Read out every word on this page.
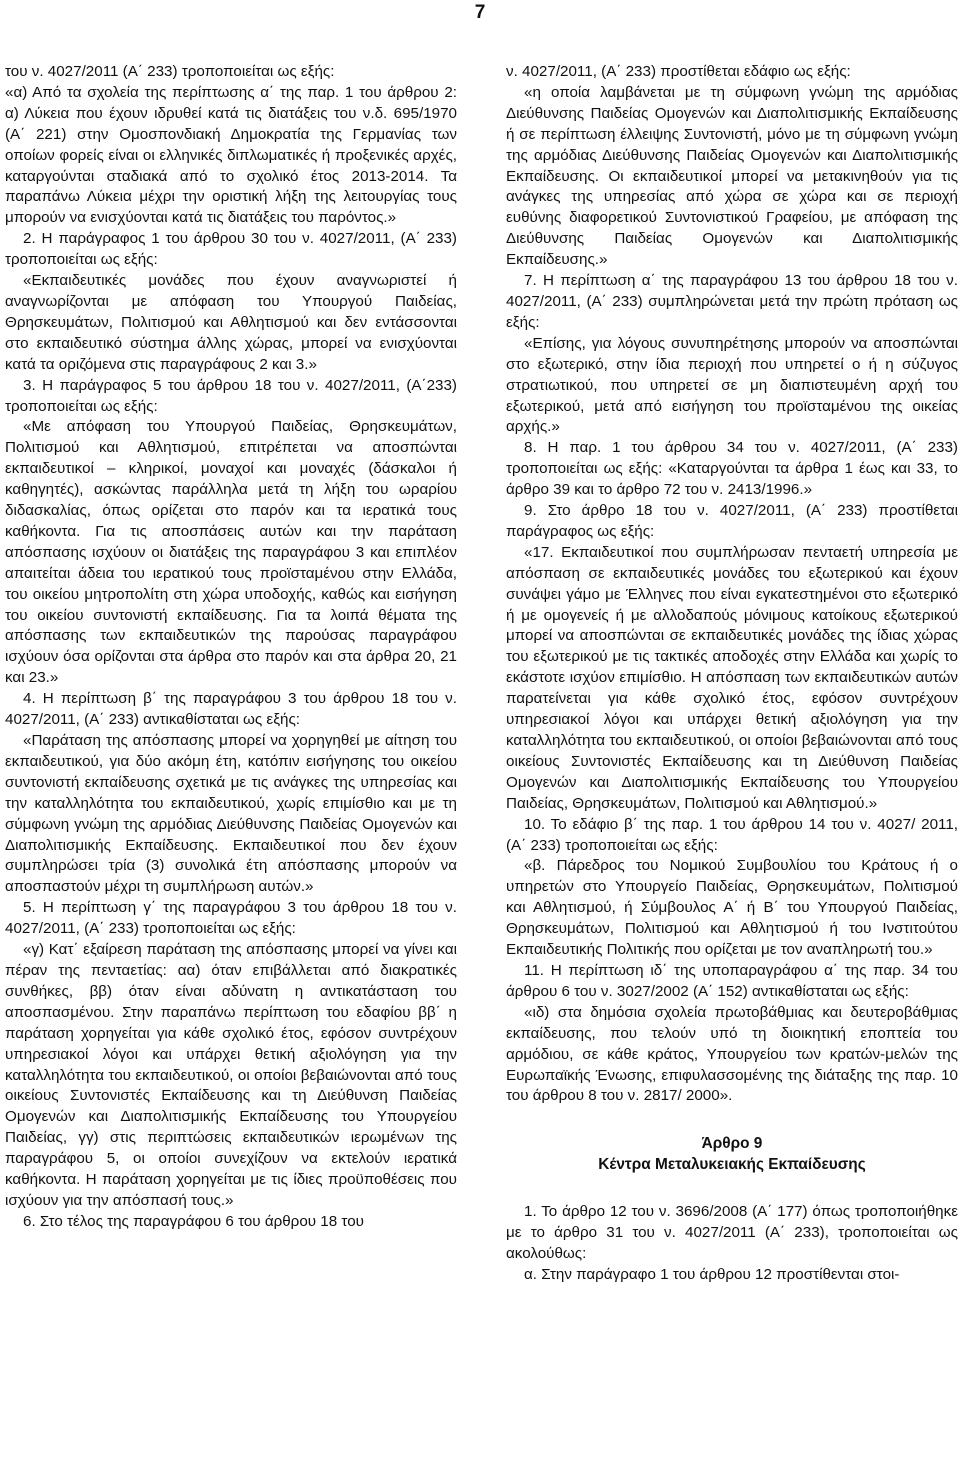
7

του ν. 4027/2011 (Α΄ 233) τροποποιείται ως εξής:

«α) Από τα σχολεία της περίπτωσης α΄ της παρ. 1 του άρθρου 2: α) Λύκεια που έχουν ιδρυθεί κατά τις διατάξεις του ν.δ. 695/1970 (Α΄ 221) στην Ομοσπονδιακή Δημοκρατία της Γερμανίας των οποίων φορείς είναι οι ελληνικές διπλωματικές ή προξενικές αρχές, καταργούνται σταδιακά από το σχολικό έτος 2013-2014. Τα παραπάνω Λύκεια μέχρι την οριστική λήξη της λειτουργίας τους μπορούν να ενισχύονται κατά τις διατάξεις του παρόντος.»

2. Η παράγραφος 1 του άρθρου 30 του ν. 4027/2011, (Α΄ 233) τροποποιείται ως εξής:

«Εκπαιδευτικές μονάδες που έχουν αναγνωριστεί ή αναγνωρίζονται με απόφαση του Υπουργού Παιδείας, Θρησκευμάτων, Πολιτισμού και Αθλητισμού και δεν εντάσσονται στο εκπαιδευτικό σύστημα άλλης χώρας, μπορεί να ενισχύονται κατά τα οριζόμενα στις παραγράφους 2 και 3.»

3. Η παράγραφος 5 του άρθρου 18 του ν. 4027/2011, (Α΄233) τροποποιείται ως εξής:

«Με απόφαση του Υπουργού Παιδείας, Θρησκευμάτων, Πολιτισμού και Αθλητισμού, επιτρέπεται να αποσπώνται εκπαιδευτικοί – κληρικοί, μοναχοί και μοναχές (δάσκαλοι ή καθηγητές), ασκώντας παράλληλα μετά τη λήξη του ωραρίου διδασκαλίας, όπως ορίζεται στο παρόν και τα ιερατικά τους καθήκοντα. Για τις αποσπάσεις αυτών και την παράταση απόσπασης ισχύουν οι διατάξεις της παραγράφου 3 και επιπλέον απαιτείται άδεια του ιερατικού τους προϊσταμένου στην Ελλάδα, του οικείου μητροπολίτη στη χώρα υποδοχής, καθώς και εισήγηση του οικείου συντονιστή εκπαίδευσης. Για τα λοιπά θέματα της απόσπασης των εκπαιδευτικών της παρούσας παραγράφου ισχύουν όσα ορίζονται στα άρθρα στο παρόν και στα άρθρα 20, 21 και 23.»

4. Η περίπτωση β΄ της παραγράφου 3 του άρθρου 18 του ν. 4027/2011, (Α΄ 233) αντικαθίσταται ως εξής:

«Παράταση της απόσπασης μπορεί να χορηγηθεί με αίτηση του εκπαιδευτικού, για δύο ακόμη έτη, κατόπιν εισήγησης του οικείου συντονιστή εκπαίδευσης σχετικά με τις ανάγκες της υπηρεσίας και την καταλληλότητα του εκπαιδευτικού, χωρίς επιμίσθιο και με τη σύμφωνη γνώμη της αρμόδιας Διεύθυνσης Παιδείας Ομογενών και Διαπολιτισμικής Εκπαίδευσης. Εκπαιδευτικοί που δεν έχουν συμπληρώσει τρία (3) συνολικά έτη απόσπασης μπορούν να αποσπαστούν μέχρι τη συμπλήρωση αυτών.»

5. Η περίπτωση γ΄ της παραγράφου 3 του άρθρου 18 του ν. 4027/2011, (Α΄ 233) τροποποιείται ως εξής:

«γ) Κατ΄ εξαίρεση παράταση της απόσπασης μπορεί να γίνει και πέραν της πενταετίας: αα) όταν επιβάλλεται από διακρατικές συνθήκες, ββ) όταν είναι αδύνατη η αντικατάσταση του αποσπασμένου. Στην παραπάνω περίπτωση του εδαφίου ββ΄ η παράταση χορηγείται για κάθε σχολικό έτος, εφόσον συντρέχουν υπηρεσιακοί λόγοι και υπάρχει θετική αξιολόγηση για την καταλληλότητα του εκπαιδευτικού, οι οποίοι βεβαιώνονται από τους οικείους Συντονιστές Εκπαίδευσης και τη Διεύθυνση Παιδείας Ομογενών και Διαπολιτισμικής Εκπαίδευσης του Υπουργείου Παιδείας, γγ) στις περιπτώσεις εκπαιδευτικών ιερωμένων της παραγράφου 5, οι οποίοι συνεχίζουν να εκτελούν ιερατικά καθήκοντα. Η παράταση χορηγείται με τις ίδιες προϋποθέσεις που ισχύουν για την απόσπασή τους.»

6. Στο τέλος της παραγράφου 6 του άρθρου 18 του

ν. 4027/2011, (Α΄ 233) προστίθεται εδάφιο ως εξής:

«η οποία λαμβάνεται με τη σύμφωνη γνώμη της αρμόδιας Διεύθυνσης Παιδείας Ομογενών και Διαπολιτισμικής Εκπαίδευσης ή σε περίπτωση έλλειψης Συντονιστή, μόνο με τη σύμφωνη γνώμη της αρμόδιας Διεύθυνσης Παιδείας Ομογενών και Διαπολιτισμικής Εκπαίδευσης. Οι εκπαιδευτικοί μπορεί να μετακινηθούν για τις ανάγκες της υπηρεσίας από χώρα σε χώρα και σε περιοχή ευθύνης διαφορετικού Συντονιστικού Γραφείου, με απόφαση της Διεύθυνσης Παιδείας Ομογενών και Διαπολιτισμικής Εκπαίδευσης.»

7. Η περίπτωση α΄ της παραγράφου 13 του άρθρου 18 του ν. 4027/2011, (Α΄ 233) συμπληρώνεται μετά την πρώτη πρόταση ως εξής:

«Επίσης, για λόγους συνυπηρέτησης μπορούν να αποσπώνται στο εξωτερικό, στην ίδια περιοχή που υπηρετεί ο ή η σύζυγος στρατιωτικού, που υπηρετεί σε μη διαπιστευμένη αρχή του εξωτερικού, μετά από εισήγηση του προϊσταμένου της οικείας αρχής.»

8. Η παρ. 1 του άρθρου 34 του ν. 4027/2011, (Α΄ 233) τροποποιείται ως εξής: «Καταργούνται τα άρθρα 1 έως και 33, το άρθρο 39 και το άρθρο 72 του ν. 2413/1996.»

9. Στο άρθρο 18 του ν. 4027/2011, (Α΄ 233) προστίθεται παράγραφος ως εξής:

«17. Εκπαιδευτικοί που συμπλήρωσαν πενταετή υπηρεσία με απόσπαση σε εκπαιδευτικές μονάδες του εξωτερικού και έχουν συνάψει γάμο με Έλληνες που είναι εγκατεστημένοι στο εξωτερικό ή με ομογενείς ή με αλλοδαπούς μόνιμους κατοίκους εξωτερικού μπορεί να αποσπώνται σε εκπαιδευτικές μονάδες της ίδιας χώρας του εξωτερικού με τις τακτικές αποδοχές στην Ελλάδα και χωρίς το εκάστοτε ισχύον επιμίσθιο. Η απόσπαση των εκπαιδευτικών αυτών παρατείνεται για κάθε σχολικό έτος, εφόσον συντρέχουν υπηρεσιακοί λόγοι και υπάρχει θετική αξιολόγηση για την καταλληλότητα του εκπαιδευτικού, οι οποίοι βεβαιώνονται από τους οικείους Συντονιστές Εκπαίδευσης και τη Διεύθυνση Παιδείας Ομογενών και Διαπολιτισμικής Εκπαίδευσης του Υπουργείου Παιδείας, Θρησκευμάτων, Πολιτισμού και Αθλητισμού.»

10. Το εδάφιο β΄ της παρ. 1 του άρθρου 14 του ν. 4027/ 2011, (Α΄ 233) τροποποιείται ως εξής:

«β. Πάρεδρος του Νομικού Συμβουλίου του Κράτους ή ο υπηρετών στο Υπουργείο Παιδείας, Θρησκευμάτων, Πολιτισμού και Αθλητισμού, ή Σύμβουλος Α΄ ή Β΄ του Υπουργού Παιδείας, Θρησκευμάτων, Πολιτισμού και Αθλητισμού ή του Ινστιτούτου Εκπαιδευτικής Πολιτικής που ορίζεται με τον αναπληρωτή του.»

11. Η περίπτωση ιδ΄ της υποπαραγράφου α΄ της παρ. 34 του άρθρου 6 του ν. 3027/2002 (Α΄ 152) αντικαθίσταται ως εξής:

«ιδ) στα δημόσια σχολεία πρωτοβάθμιας και δευτεροβάθμιας εκπαίδευσης, που τελούν υπό τη διοικητική εποπτεία του αρμόδιου, σε κάθε κράτος, Υπουργείου των κρατών-μελών της Ευρωπαϊκής Ένωσης, επιφυλασσομένης της διάταξης της παρ. 10 του άρθρου 8 του ν. 2817/ 2000».

Άρθρο 9
Κέντρα Μεταλυκειακής Εκπαίδευσης

1. Το άρθρο 12 του ν. 3696/2008 (Α΄ 177) όπως τροποποιήθηκε με το άρθρο 31 του ν. 4027/2011 (Α΄ 233), τροποποιείται ως ακολούθως:

α. Στην παράγραφο 1 του άρθρου 12 προστίθενται στοι-
